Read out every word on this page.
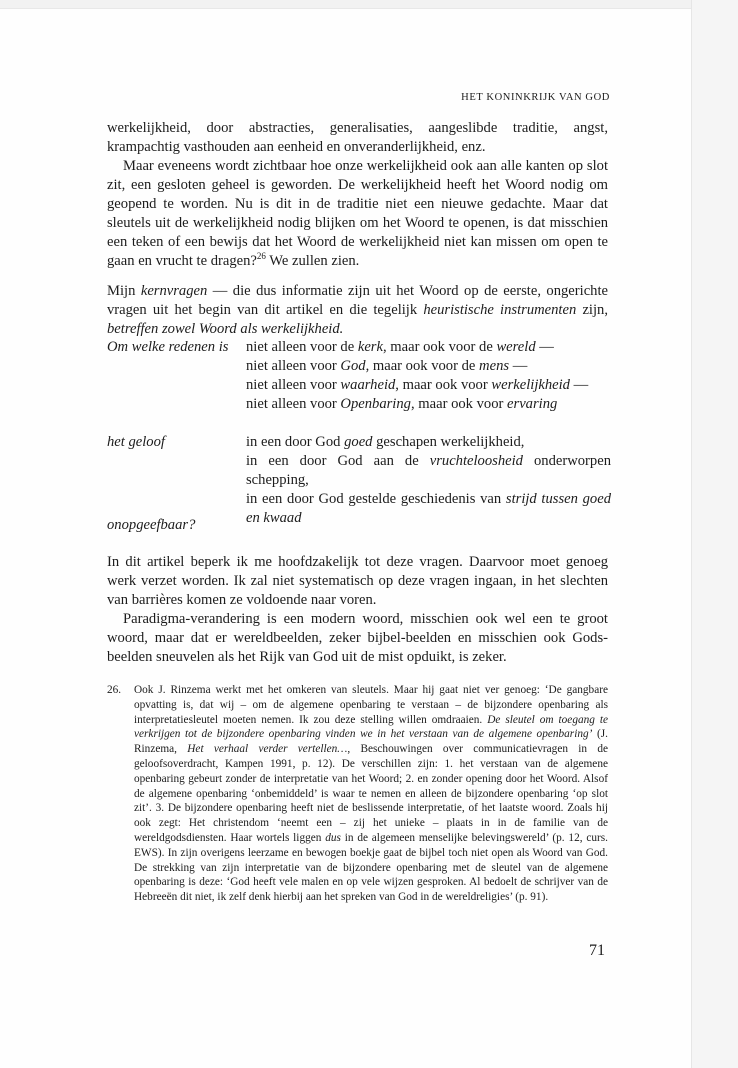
HET KONINKRIJK VAN GOD

werkelijkheid, door abstracties, generalisaties, aangeslibde traditie, angst, krampachtig vasthouden aan eenheid en onveranderlijkheid, enz.

Maar eveneens wordt zichtbaar hoe onze werkelijkheid ook aan alle kanten op slot zit, een gesloten geheel is geworden. De werkelijkheid heeft het Woord nodig om geopend te worden. Nu is dit in de traditie niet een nieuwe gedachte. Maar dat sleutels uit de werkelijkheid nodig blijken om het Woord te openen, is dat misschien een teken of een bewijs dat het Woord de werkelijkheid niet kan missen om open te gaan en vrucht te dragen?$^{26}$ We zullen zien.

Mijn kernvragen — die dus informatie zijn uit het Woord op de eerste, ongerichte vragen uit het begin van dit artikel en die tegelijk heuristische instrumenten zijn, betreffen zowel Woord als werkelijkheid.

Om welke redenen is	niet alleen voor de kerk, maar ook voor de wereld —
niet alleen voor God, maar ook voor de mens —
niet alleen voor waarheid, maar ook voor werkelijkheid —
niet alleen voor Openbaring, maar ook voor ervaring
het geloof	in een door God goed geschapen werkelijkheid,
in een door God aan de vruchteloosheid onderworpen schepping,
in een door God gestelde geschiedenis van strijd tussen goed en kwaad
onopgeefbaar?

In dit artikel beperk ik me hoofdzakelijk tot deze vragen. Daarvoor moet genoeg werk verzet worden. Ik zal niet systematisch op deze vragen ingaan, in het slechten van barrières komen ze voldoende naar voren.

Paradigma-verandering is een modern woord, misschien ook wel een te groot woord, maar dat er wereldbeelden, zeker bijbel-beelden en misschien ook Gods-beelden sneuvelen als het Rijk van God uit de mist opduikt, is zeker.

26.	Ook J. Rinzema werkt met het omkeren van sleutels. Maar hij gaat niet ver genoeg: ‘De gangbare opvatting is, dat wij – om de algemene openbaring te verstaan – de bijzondere openbaring als interpretatiesleutel moeten nemen. Ik zou deze stelling willen omdraaien. De sleutel om toegang te verkrijgen tot de bijzondere openbaring vinden we in het verstaan van de algemene openbaring’ (J. Rinzema, Het verhaal verder vertellen…, Beschouwingen over communicatievragen in de geloofsoverdracht, Kampen 1991, p. 12). De verschillen zijn: 1. het verstaan van de algemene openbaring gebeurt zonder de interpretatie van het Woord; 2. en zonder opening door het Woord. Alsof de algemene openbaring ‘onbemiddeld’ is waar te nemen en alleen de bijzondere openbaring ‘op slot zit’. 3. De bijzondere openbaring heeft niet de beslissende interpretatie, of het laatste woord. Zoals hij ook zegt: Het christendom ‘neemt een – zij het unieke – plaats in in de familie van de wereldgodsdiensten. Haar wortels liggen dus in de algemeen menselijke belevingswereld’ (p. 12, curs. EWS). In zijn overigens leerzame en bewogen boekje gaat de bijbel toch niet open als Woord van God. De strekking van zijn interpretatie van de bijzondere openbaring met de sleutel van de algemene openbaring is deze: ‘God heeft vele malen en op vele wijzen gesproken. Al bedoelt de schrijver van de Hebreeën dit niet, ik zelf denk hierbij aan het spreken van God in de wereldreligies’ (p. 91).
71
